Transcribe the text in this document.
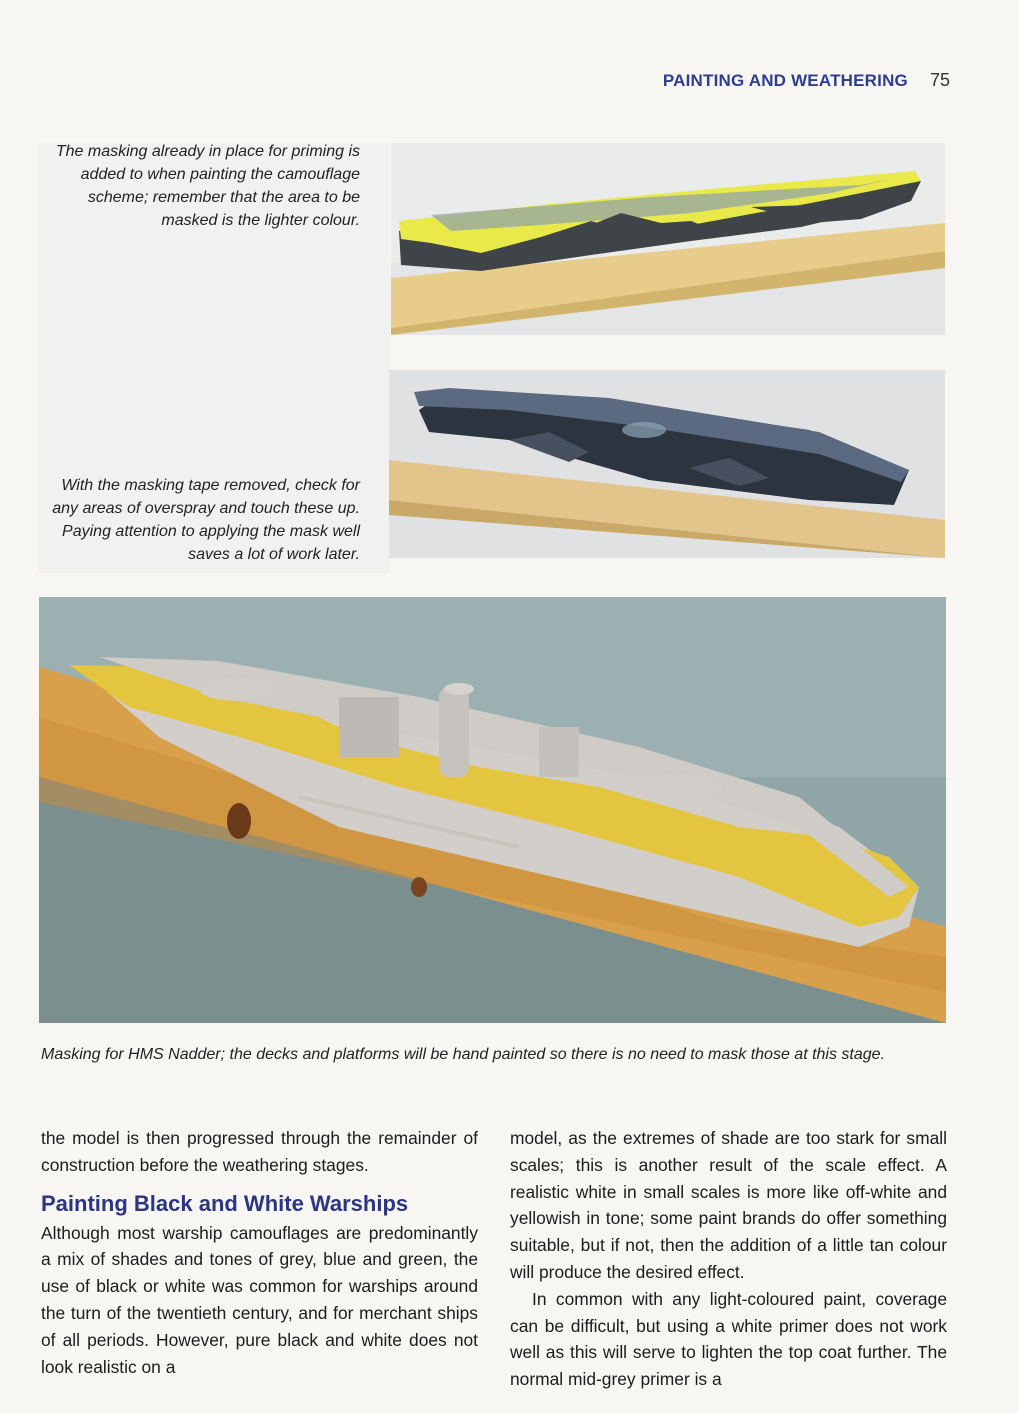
PAINTING AND WEATHERING 75
The masking already in place for priming is added to when painting the camouflage scheme; remember that the area to be masked is the lighter colour.
With the masking tape removed, check for any areas of overspray and touch these up. Paying attention to applying the mask well saves a lot of work later.
Masking for HMS Nadder; the decks and platforms will be hand painted so there is no need to mask those at this stage.

the model is then progressed through the remainder of construction before the weathering stages.

Painting Black and White Warships

Although most warship camouflages are predominantly a mix of shades and tones of grey, blue and green, the use of black or white was common for warships around the turn of the twentieth century, and for merchant ships of all periods. However, pure black and white does not look realistic on a

model, as the extremes of shade are too stark for small scales; this is another result of the scale effect. A realistic white in small scales is more like off-white and yellowish in tone; some paint brands do offer something suitable, but if not, then the addition of a little tan colour will produce the desired effect.

In common with any light-coloured paint, coverage can be difficult, but using a white primer does not work well as this will serve to lighten the top coat further. The normal mid-grey primer is a
